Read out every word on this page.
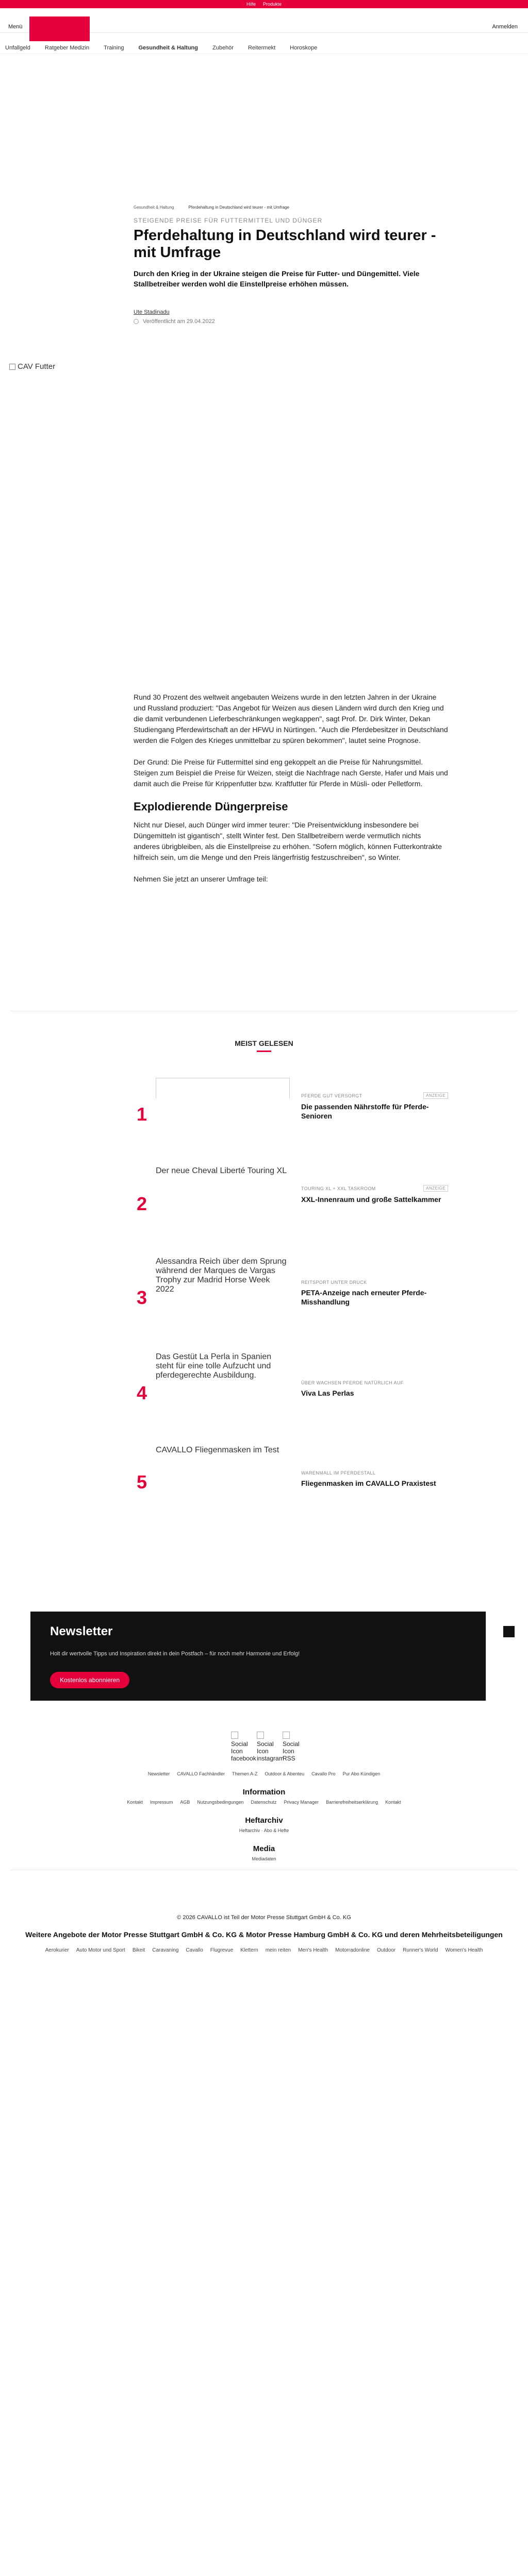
Hilfe Produkte
Menü	Anmelden
Unfallgeld	Ratgeber Medizin	Training	Gesundheit & Haltung	Zubehör	Reitermekt	Horoskope
Gesundheit & Haltung	Pferdehaltung in Deutschland wird teurer - mit Umfrage
STEIGENDE PREISE FÜR FUTTERMITTEL UND DÜNGER
Pferdehaltung in Deutschland wird teurer - mit Umfrage
Durch den Krieg in der Ukraine steigen die Preise für Futter- und Düngemittel. Viele Stallbetreiber werden wohl die Einstellpreise erhöhen müssen.
Ute Stadinadu
Veröffentlicht am 29.04.2022
CAV Futter

Rund 30 Prozent des weltweit angebauten Weizens wurde in den letzten Jahren in der Ukraine und Russland produziert: "Das Angebot für Weizen aus diesen Ländern wird durch den Krieg und die damit verbundenen Lieferbeschränkungen wegkappen", sagt Prof. Dr. Dirk Winter, Dekan Studiengang Pferdewirtschaft an der HFWU in Nürtingen. "Auch die Pferdebesitzer in Deutschland werden die Folgen des Krieges unmittelbar zu spüren bekommen", lautet seine Prognose.

Der Grund: Die Preise für Futtermittel sind eng gekoppelt an die Preise für Nahrungsmittel. Steigen zum Beispiel die Preise für Weizen, steigt die Nachfrage nach Gerste, Hafer und Mais und damit auch die Preise für Krippenfutter bzw. Kraftfutter für Pferde in Müsli- oder Pelletform.

Explodierende Düngerpreise

Nicht nur Diesel, auch Dünger wird immer teurer: "Die Preisentwicklung insbesondere bei Düngemitteln ist gigantisch", stellt Winter fest. Den Stallbetreibern werde vermutlich nichts anderes übrigbleiben, als die Einstellpreise zu erhöhen. "Sofern möglich, können Futterkontrakte hilfreich sein, um die Menge und den Preis längerfristig festzuschreiben", so Winter.

Nehmen Sie jetzt an unserer Umfrage teil:

MEIST GELESEN
1
PFERDE GUT VERSORGT	ANZEIGE
Die passenden Nährstoffe für Pferde-Senioren
2
Der neue Cheval Liberté Touring XL
TOURING XL + XXL TASKROOM	ANZEIGE
XXL-Innenraum und große Sattelkammer
3
Alessandra Reich über dem Sprung während der Marques de Vargas Trophy zur Madrid Horse Week 2022
REITSPORT UNTER DRUCK
PETA-Anzeige nach erneuter Pferde-Misshandlung
4
Das Gestüt La Perla in Spanien steht für eine tolle Aufzucht und pferdegerechte Ausbildung.
ÜBER WACHSEN PFERDE NATÜRLICH AUF
Viva Las Perlas
5
CAVALLO Fliegenmasken im Test
WARENMALL IM PFERDESTALL
Fliegenmasken im CAVALLO Praxistest
Newsletter

Holt dir wertvolle Tipps und Inspiration direkt in dein Postfach – für noch mehr Harmonie und Erfolg!

Kostenlos abonnieren
Social Icon facebook
Social Icon instagram
Social Icon RSS
Newsletter CAVALLO Fachhändler Themen A-Z Outdoor & Abenteu Cavallo Pro Pur Abo Kündigen
Information
Kontakt Impressum AGB Nutzungsbedingungen Datenschutz Privacy Manager Barrierefreiheitserklärung Kontakt
Heftarchiv
Heftarchiv · Abo & Hefte
Media
Mediadaten
© 2026 CAVALLO ist Teil der Motor Presse Stuttgart GmbH & Co. KG
Weitere Angebote der Motor Presse Stuttgart GmbH & Co. KG & Motor Presse Hamburg GmbH & Co. KG und deren Mehrheitsbeteiligungen
Aerokurier Auto Motor und Sport Bikeit Caravaning Cavallo Flugrevue Klettern mein reiten Men's Health Motorradonline Outdoor Runner's World Women's Health
